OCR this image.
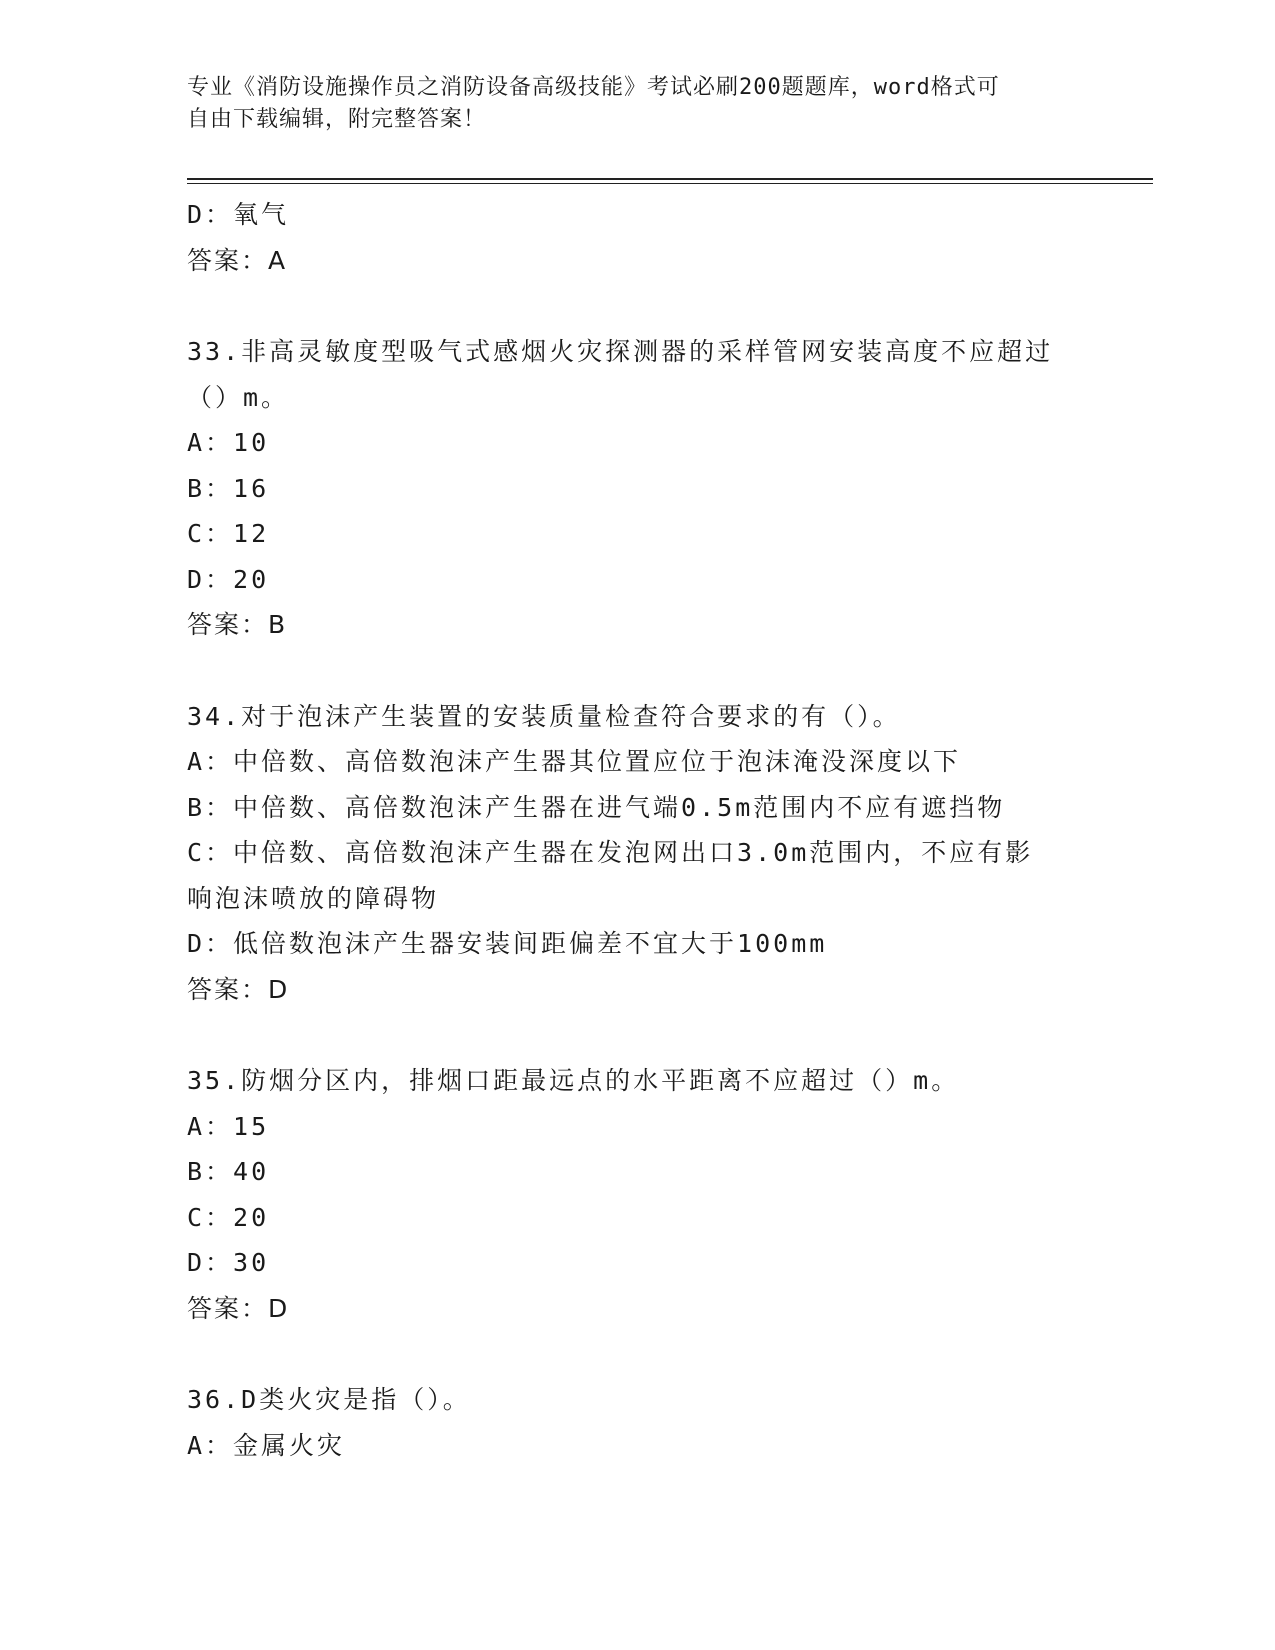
专业《消防设施操作员之消防设备高级技能》考试必刷200题题库，word格式可
自由下载编辑，附完整答案！
D：氧气
答案：A
33.非高灵敏度型吸气式感烟火灾探测器的采样管网安装高度不应超过
（）m。
A：10
B：16
C：12
D：20
答案：B
34.对于泡沫产生装置的安装质量检查符合要求的有（）。
A：中倍数、高倍数泡沫产生器其位置应位于泡沫淹没深度以下
B：中倍数、高倍数泡沫产生器在进气端0.5m范围内不应有遮挡物
C：中倍数、高倍数泡沫产生器在发泡网出口3.0m范围内，不应有影
响泡沫喷放的障碍物
D：低倍数泡沫产生器安装间距偏差不宜大于100mm
答案：D
35.防烟分区内，排烟口距最远点的水平距离不应超过（）m。
A：15
B：40
C：20
D：30
答案：D
36.D类火灾是指（）。
A：金属火灾
